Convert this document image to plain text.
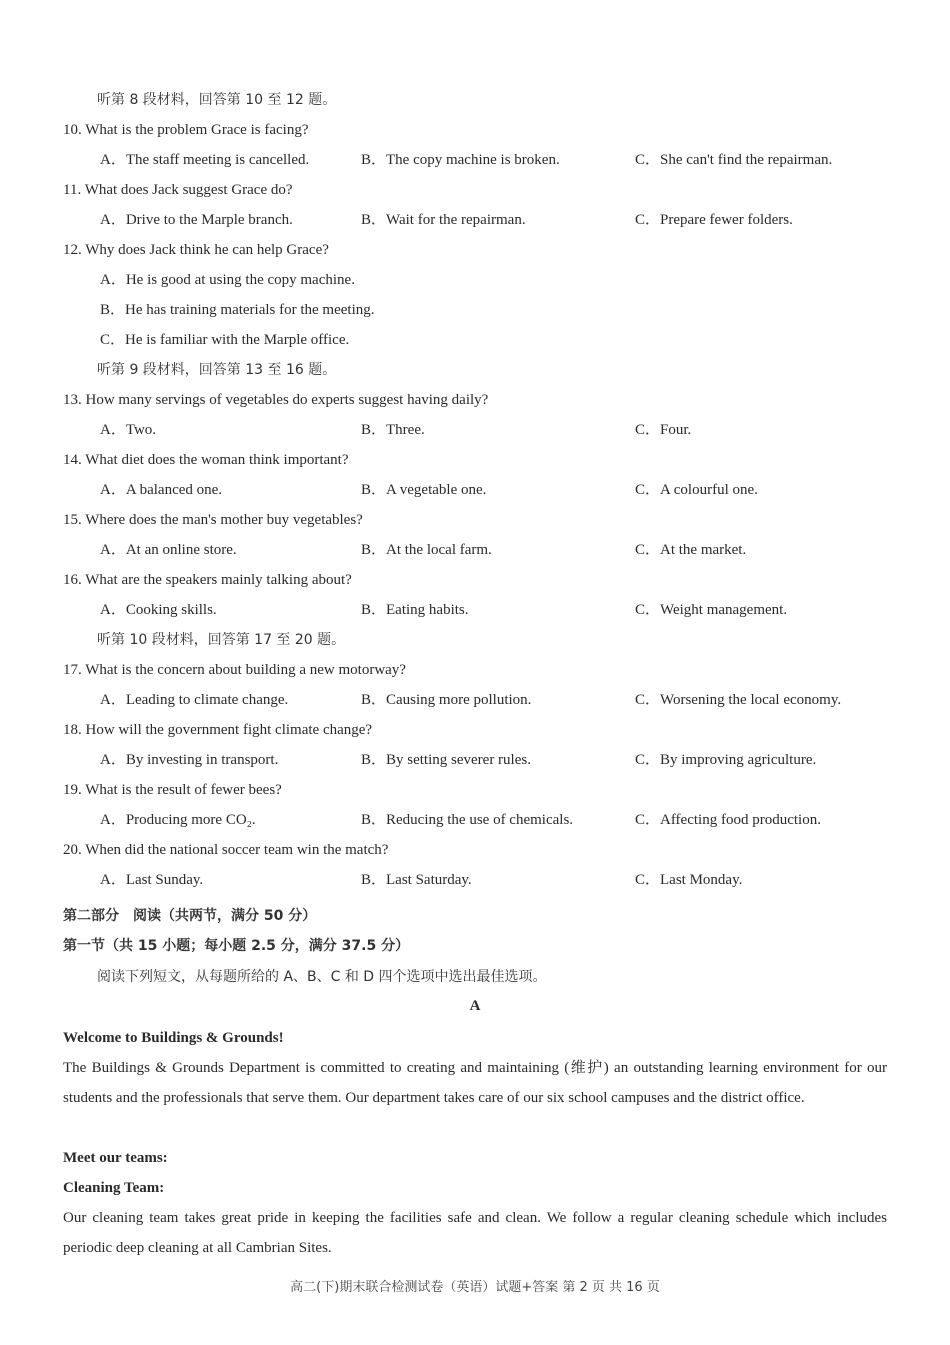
听第 8 段材料，回答第 10 至 12 题。
10. What is the problem Grace is facing?
A．The staff meeting is cancelled.	B．The copy machine is broken.	C．She can't find the repairman.
11. What does Jack suggest Grace do?
A．Drive to the Marple branch.	B．Wait for the repairman.	C．Prepare fewer folders.
12. Why does Jack think he can help Grace?
A．He is good at using the copy machine.
B．He has training materials for the meeting.
C．He is familiar with the Marple office.
听第 9 段材料，回答第 13 至 16 题。
13. How many servings of vegetables do experts suggest having daily?
A．Two.	B．Three.	C．Four.
14. What diet does the woman think important?
A．A balanced one.	B．A vegetable one.	C．A colourful one.
15. Where does the man's mother buy vegetables?
A．At an online store.	B．At the local farm.	C．At the market.
16. What are the speakers mainly talking about?
A．Cooking skills.	B．Eating habits.	C．Weight management.
听第 10 段材料，回答第 17 至 20 题。
17. What is the concern about building a new motorway?
A．Leading to climate change.	B．Causing more pollution.	C．Worsening the local economy.
18. How will the government fight climate change?
A．By investing in transport.	B．By setting severer rules.	C．By improving agriculture.
19. What is the result of fewer bees?
A．Producing more CO₂.	B．Reducing the use of chemicals.	C．Affecting food production.
20. When did the national soccer team win the match?
A．Last Sunday.	B．Last Saturday.	C．Last Monday.
第二部分　阅读（共两节，满分 50 分）
第一节（共 15 小题；每小题 2.5 分，满分 37.5 分）
阅读下列短文，从每题所给的 A、B、C 和 D 四个选项中选出最佳选项。
A
Welcome to Buildings & Grounds!
The Buildings & Grounds Department is committed to creating and maintaining (维护) an outstanding learning environment for our students and the professionals that serve them. Our department takes care of our six school campuses and the district office.
Meet our teams:
Cleaning Team:
Our cleaning team takes great pride in keeping the facilities safe and clean. We follow a regular cleaning schedule which includes periodic deep cleaning at all Cambrian Sites.
高二(下)期末联合检测试卷（英语）试题+答案 第 2 页 共 16 页
